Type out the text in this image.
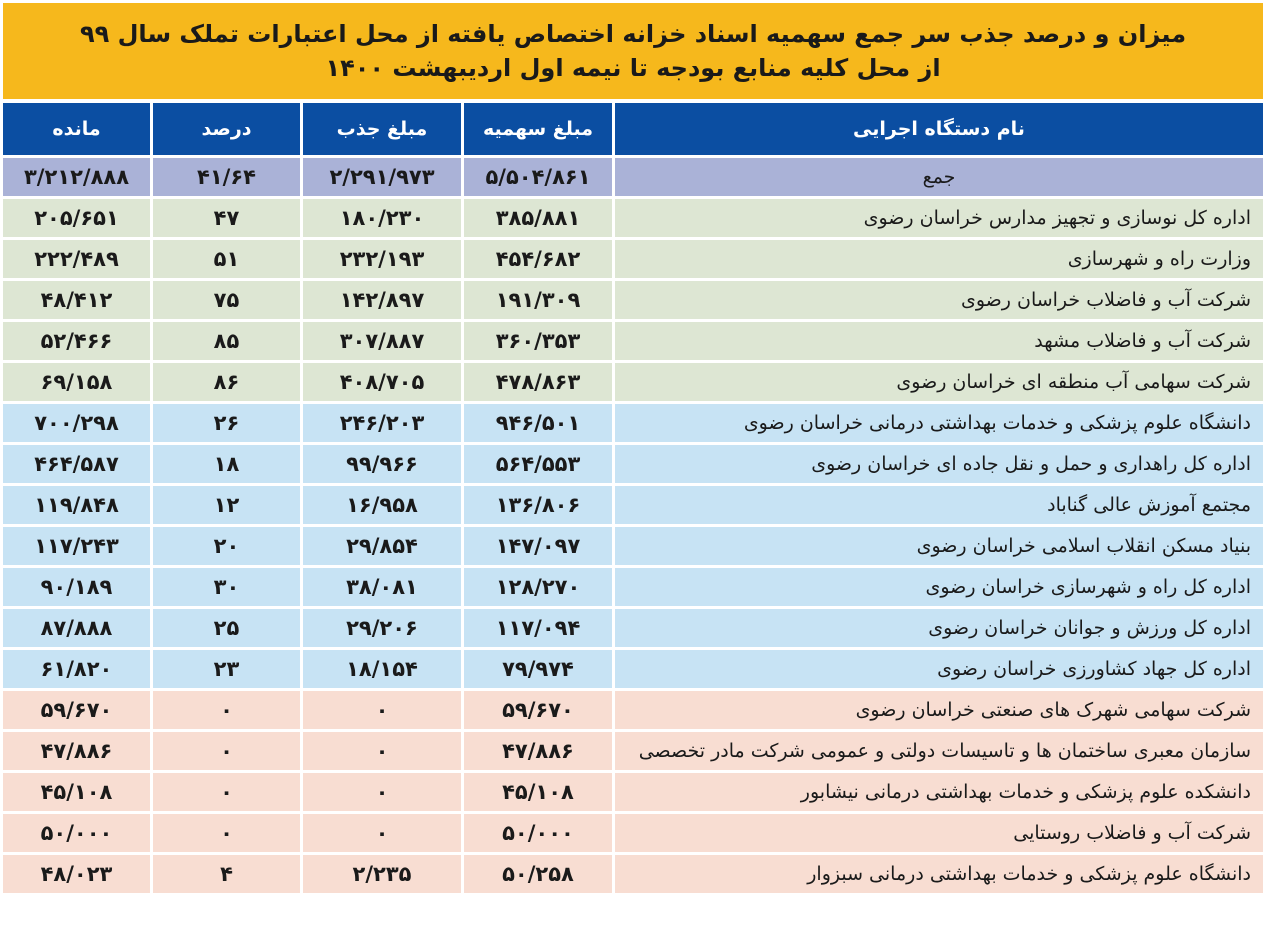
میزان و درصد جذب سر جمع سهمیه اسناد خزانه اختصاص یافته از محل اعتبارات تملک سال ۹۹
از محل کلیه منابع بودجه تا نیمه اول اردیبهشت ۱۴۰۰
مانده	درصد	مبلغ جذب	مبلغ سهمیه	نام دستگاه اجرایی
۳/۲۱۲/۸۸۸	۴۱/۶۴	۲/۲۹۱/۹۷۳	۵/۵۰۴/۸۶۱	جمع
۲۰۵/۶۵۱	۴۷	۱۸۰/۲۳۰	۳۸۵/۸۸۱	اداره کل نوسازی و تجهیز مدارس خراسان رضوی
۲۲۲/۴۸۹	۵۱	۲۳۲/۱۹۳	۴۵۴/۶۸۲	وزارت راه و شهرسازی
۴۸/۴۱۲	۷۵	۱۴۲/۸۹۷	۱۹۱/۳۰۹	شرکت آب و فاضلاب خراسان رضوی
۵۲/۴۶۶	۸۵	۳۰۷/۸۸۷	۳۶۰/۳۵۳	شرکت آب و فاضلاب مشهد
۶۹/۱۵۸	۸۶	۴۰۸/۷۰۵	۴۷۸/۸۶۳	شرکت سهامی آب منطقه ای خراسان رضوی
۷۰۰/۲۹۸	۲۶	۲۴۶/۲۰۳	۹۴۶/۵۰۱	دانشگاه علوم پزشکی و خدمات بهداشتی درمانی خراسان رضوی
۴۶۴/۵۸۷	۱۸	۹۹/۹۶۶	۵۶۴/۵۵۳	اداره کل راهداری و حمل و نقل جاده ای خراسان رضوی
۱۱۹/۸۴۸	۱۲	۱۶/۹۵۸	۱۳۶/۸۰۶	مجتمع آموزش عالی گناباد
۱۱۷/۲۴۳	۲۰	۲۹/۸۵۴	۱۴۷/۰۹۷	بنیاد مسکن انقلاب اسلامی خراسان رضوی
۹۰/۱۸۹	۳۰	۳۸/۰۸۱	۱۲۸/۲۷۰	اداره کل راه و شهرسازی خراسان رضوی
۸۷/۸۸۸	۲۵	۲۹/۲۰۶	۱۱۷/۰۹۴	اداره کل ورزش و جوانان خراسان رضوی
۶۱/۸۲۰	۲۳	۱۸/۱۵۴	۷۹/۹۷۴	اداره کل جهاد کشاورزی خراسان رضوی
۵۹/۶۷۰	۰	۰	۵۹/۶۷۰	شرکت سهامی شهرک های صنعتی خراسان رضوی
۴۷/۸۸۶	۰	۰	۴۷/۸۸۶	سازمان معبری ساختمان ها و تاسیسات دولتی و عمومی شرکت مادر تخصصی
۴۵/۱۰۸	۰	۰	۴۵/۱۰۸	دانشکده علوم پزشکی و خدمات بهداشتی درمانی نیشابور
۵۰/۰۰۰	۰	۰	۵۰/۰۰۰	شرکت آب و فاضلاب روستایی
۴۸/۰۲۳	۴	۲/۲۳۵	۵۰/۲۵۸	دانشگاه علوم پزشکی و خدمات بهداشتی درمانی سبزوار
